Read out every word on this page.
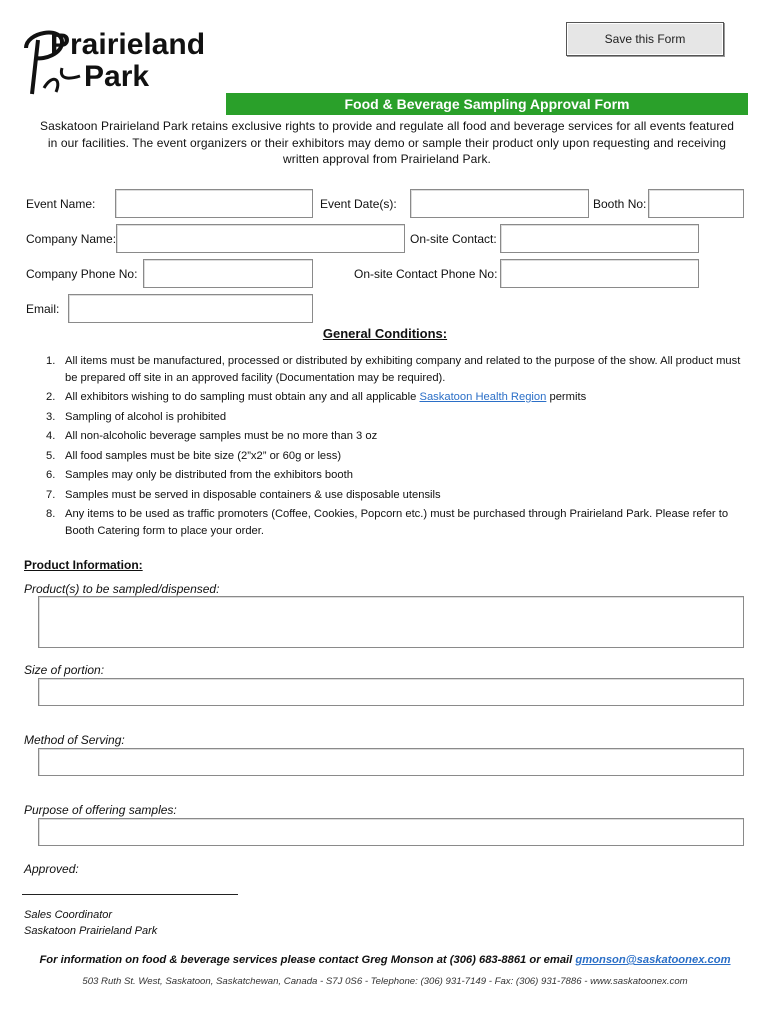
Prairieland
Park
Save this Form
Food & Beverage Sampling Approval Form
Saskatoon Prairieland Park retains exclusive rights to provide and regulate all food and beverage services for all events featured
in our facilities. The event organizers or their exhibitors may demo or sample their product only upon requesting and receiving
written approval from Prairieland Park.
Event Name:	Event Date(s):	Booth No:
Company Name:	On-site Contact:
Company Phone No:	On-site Contact Phone No:
Email:
General Conditions:
1. All items must be manufactured, processed or distributed by exhibiting company and related to the purpose of the show. All product must be prepared off site in an approved facility (Documentation may be required).
2. All exhibitors wishing to do sampling must obtain any and all applicable Saskatoon Health Region permits
3. Sampling of alcohol is prohibited
4. All non-alcoholic beverage samples must be no more than 3 oz
5. All food samples must be bite size (2”x2” or 60g or less)
6. Samples may only be distributed from the exhibitors booth
7. Samples must be served in disposable containers & use disposable utensils
8. Any items to be used as traffic promoters (Coffee, Cookies, Popcorn etc.) must be purchased through Prairieland Park. Please refer to Booth Catering form to place your order.
Product Information:
Product(s) to be sampled/dispensed:
Size of portion:
Method of Serving:
Purpose of offering samples:
Approved:
Sales Coordinator
Saskatoon Prairieland Park
For information on food & beverage services please contact Greg Monson at (306) 683-8861 or email gmonson@saskatoonex.com
503 Ruth St. West, Saskatoon, Saskatchewan, Canada - S7J 0S6 - Telephone: (306) 931-7149 - Fax: (306) 931-7886 - www.saskatoonex.com
